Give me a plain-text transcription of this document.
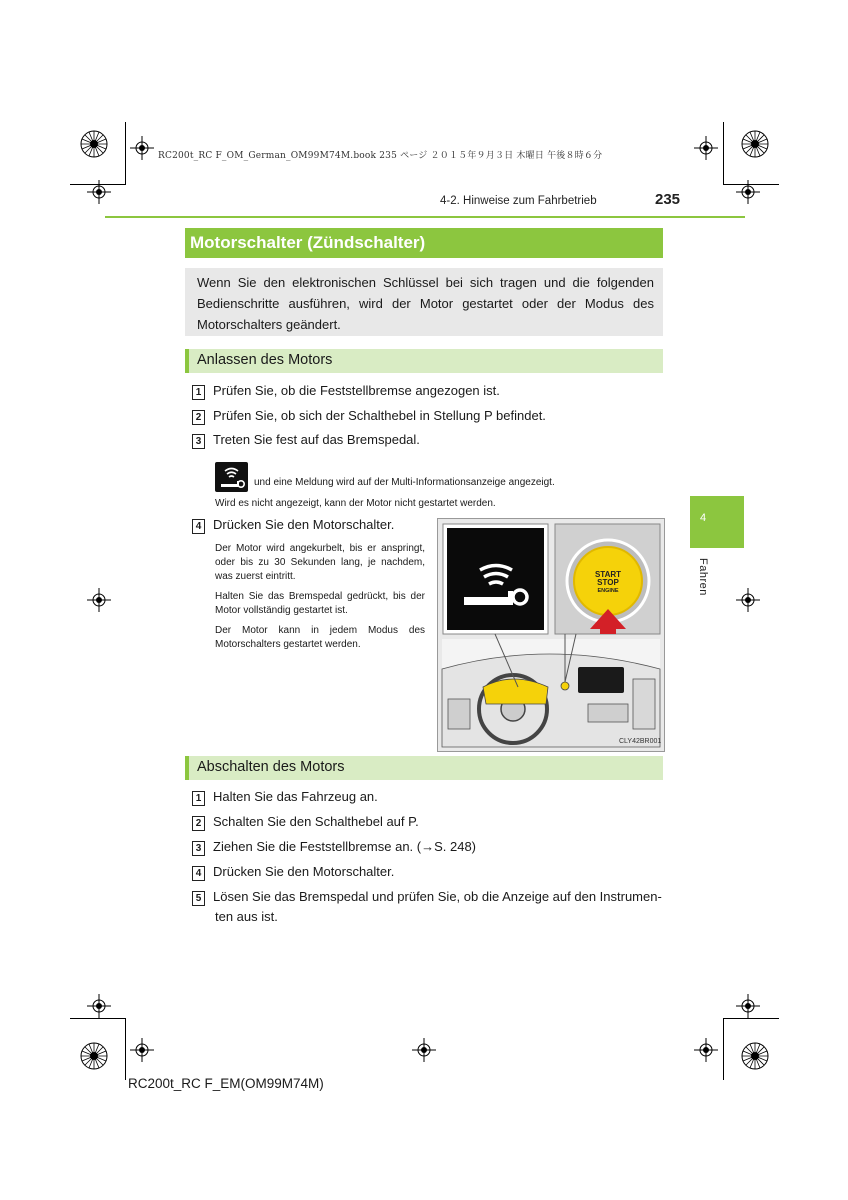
RC200t_RC F_OM_German_OM99M74M.book 235 ページ ２０１５年９月３日 木曜日 午後８時６分
4-2. Hinweise zum Fahrbetrieb	235
4
Fahren
Motorschalter (Zündschalter)
Wenn Sie den elektronischen Schlüssel bei sich tragen und die folgenden Bedienschritte ausführen, wird der Motor gestartet oder der Modus des Motorschalters geändert.
Anlassen des Motors
1 Prüfen Sie, ob die Feststellbremse angezogen ist.
2 Prüfen Sie, ob sich der Schalthebel in Stellung P befindet.
3 Treten Sie fest auf das Bremspedal.
und eine Meldung wird auf der Multi-Informationsanzeige angezeigt.
Wird es nicht angezeigt, kann der Motor nicht gestartet werden.
4 Drücken Sie den Motorschalter.
Der Motor wird angekurbelt, bis er anspringt, oder bis zu 30 Sekunden lang, je nachdem, was zuerst eintritt.
Halten Sie das Bremspedal gedrückt, bis der Motor vollständig gestartet ist.
Der Motor kann in jedem Modus des Motorschalters gestartet werden.
START
STOP
ENGINE
CLY42BR001
Abschalten des Motors
1 Halten Sie das Fahrzeug an.
2 Schalten Sie den Schalthebel auf P.
3 Ziehen Sie die Feststellbremse an. (→S. 248)
4 Drücken Sie den Motorschalter.
5 Lösen Sie das Bremspedal und prüfen Sie, ob die Anzeige auf den Instrumen-
ten aus ist.
RC200t_RC F_EM(OM99M74M)
